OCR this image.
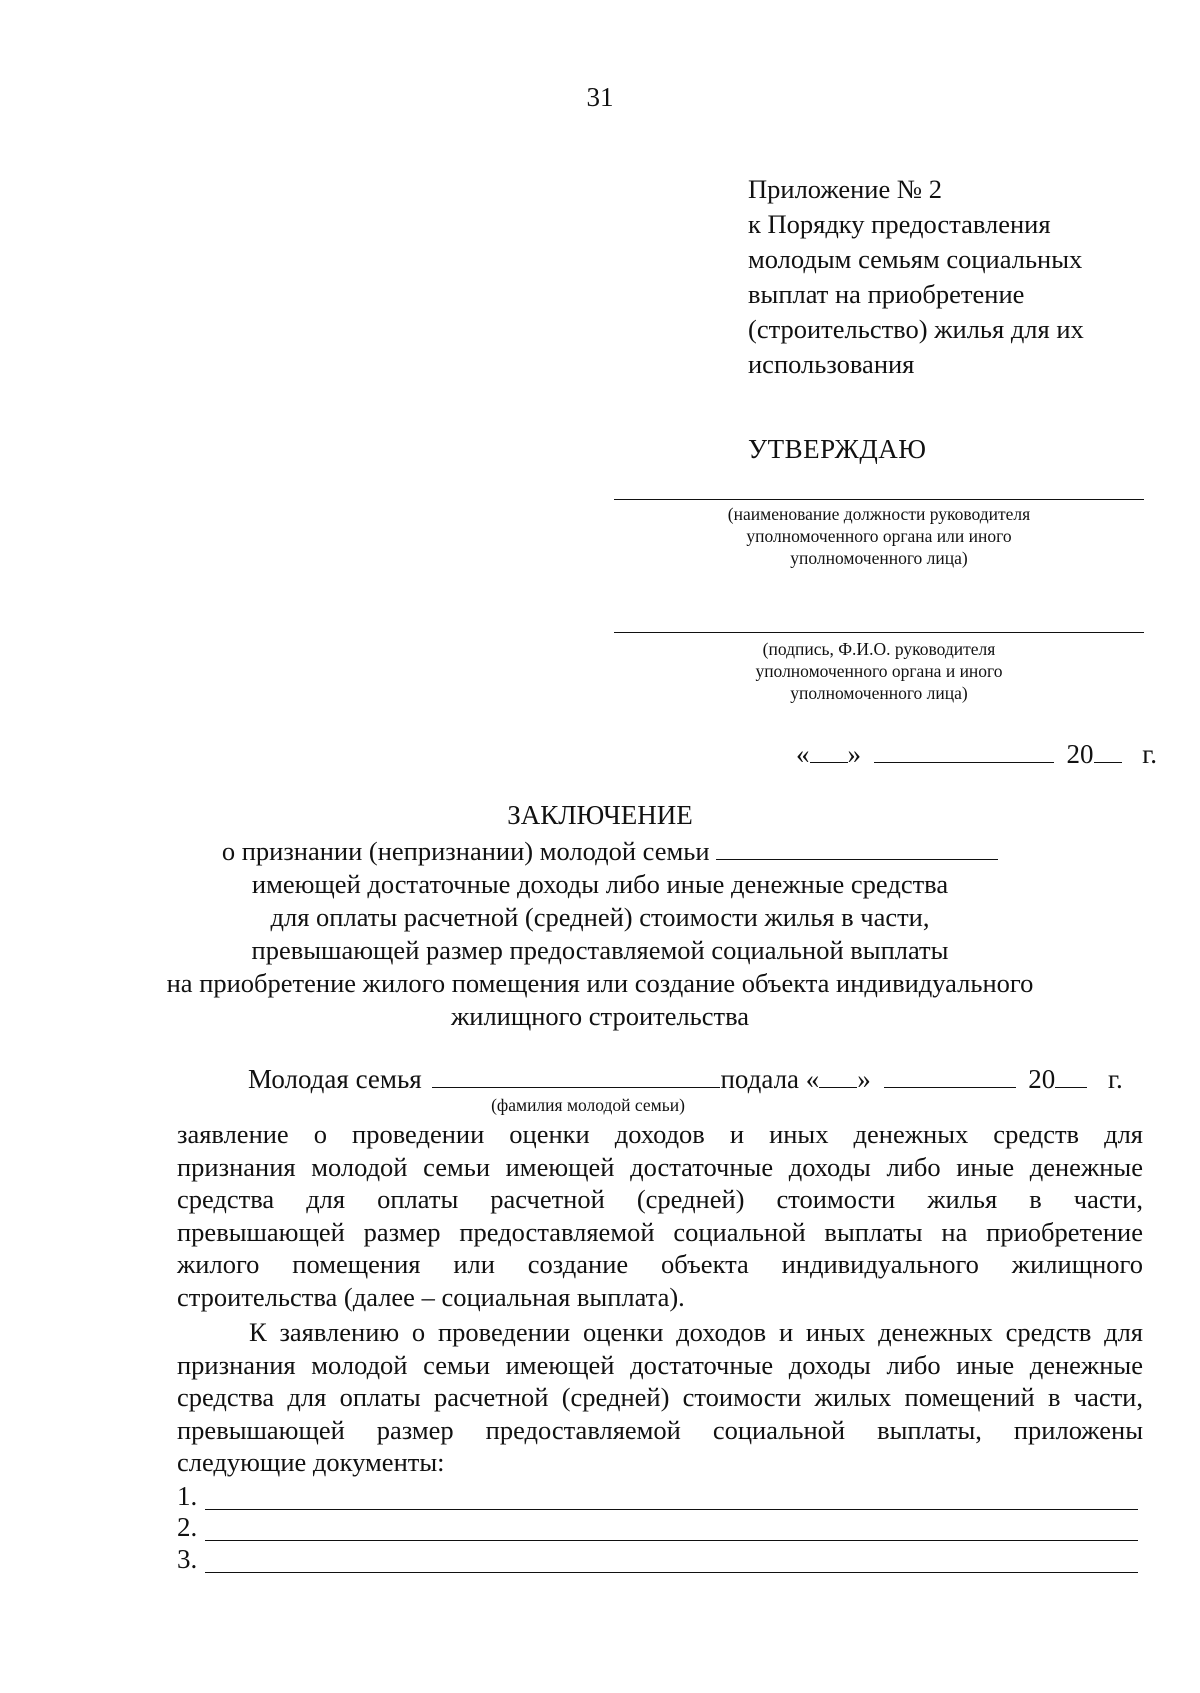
31
Приложение № 2
к Порядку предоставления
молодым семьям социальных
выплат на приобретение
(строительство) жилья для их
использования
УТВЕРЖДАЮ
(наименование должности руководителя
уполномоченного органа или иного
уполномоченного лица)
(подпись, Ф.И.О. руководителя
уполномоченного органа и иного
уполномоченного лица)
« »	20 г.
ЗАКЛЮЧЕНИЕ
о признании (непризнании) молодой семьи
имеющей достаточные доходы либо иные денежные средства
для оплаты расчетной (средней) стоимости жилья в части,
превышающей размер предоставляемой социальной выплаты
на приобретение жилого помещения или создание объекта индивидуального
жилищного строительства
Молодая семья	подала « »	20 г.
(фамилия молодой семьи)
заявление о проведении оценки доходов и иных денежных средств для
признания молодой семьи имеющей достаточные доходы либо иные денежные
средства для оплаты расчетной (средней) стоимости жилья в части,
превышающей размер предоставляемой социальной выплаты на приобретение
жилого помещения или создание объекта индивидуального жилищного
строительства (далее – социальная выплата).
К заявлению о проведении оценки доходов и иных денежных средств для
признания молодой семьи имеющей достаточные доходы либо иные денежные
средства для оплаты расчетной (средней) стоимости жилых помещений в части,
превышающей размер предоставляемой социальной выплаты, приложены
следующие документы:
1.
2.
3.
